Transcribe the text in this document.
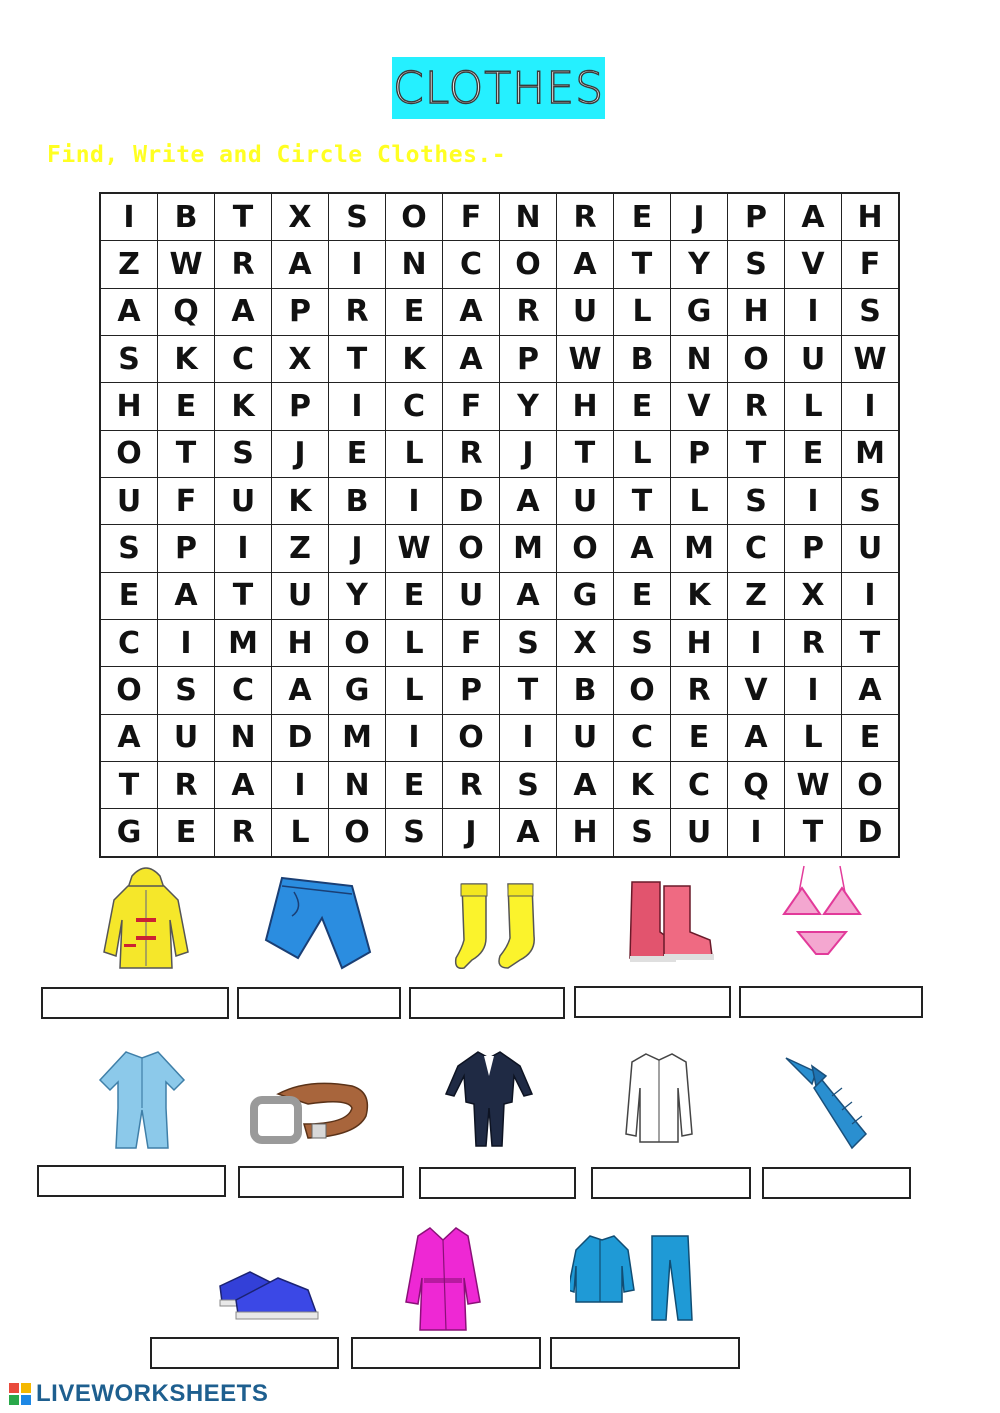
CLOTHES
Find, Write and Circle Clothes.-
I	B	T	X	S	O	F	N	R	E	J	P	A	H
Z	W	R	A	I	N	C	O	A	T	Y	S	V	F
A	Q	A	P	R	E	A	R	U	L	G	H	I	S
S	K	C	X	T	K	A	P	W	B	N	O	U	W
H	E	K	P	I	C	F	Y	H	E	V	R	L	I
O	T	S	J	E	L	R	J	T	L	P	T	E	M
U	F	U	K	B	I	D	A	U	T	L	S	I	S
S	P	I	Z	J	W	O	M	O	A	M	C	P	U
E	A	T	U	Y	E	U	A	G	E	K	Z	X	I
C	I	M	H	O	L	F	S	X	S	H	I	R	T
O	S	C	A	G	L	P	T	B	O	R	V	I	A
A	U	N	D	M	I	O	I	U	C	E	A	L	E
T	R	A	I	N	E	R	S	A	K	C	Q	W	O
G	E	R	L	O	S	J	A	H	S	U	I	T	D
LIVEWORKSHEETS
